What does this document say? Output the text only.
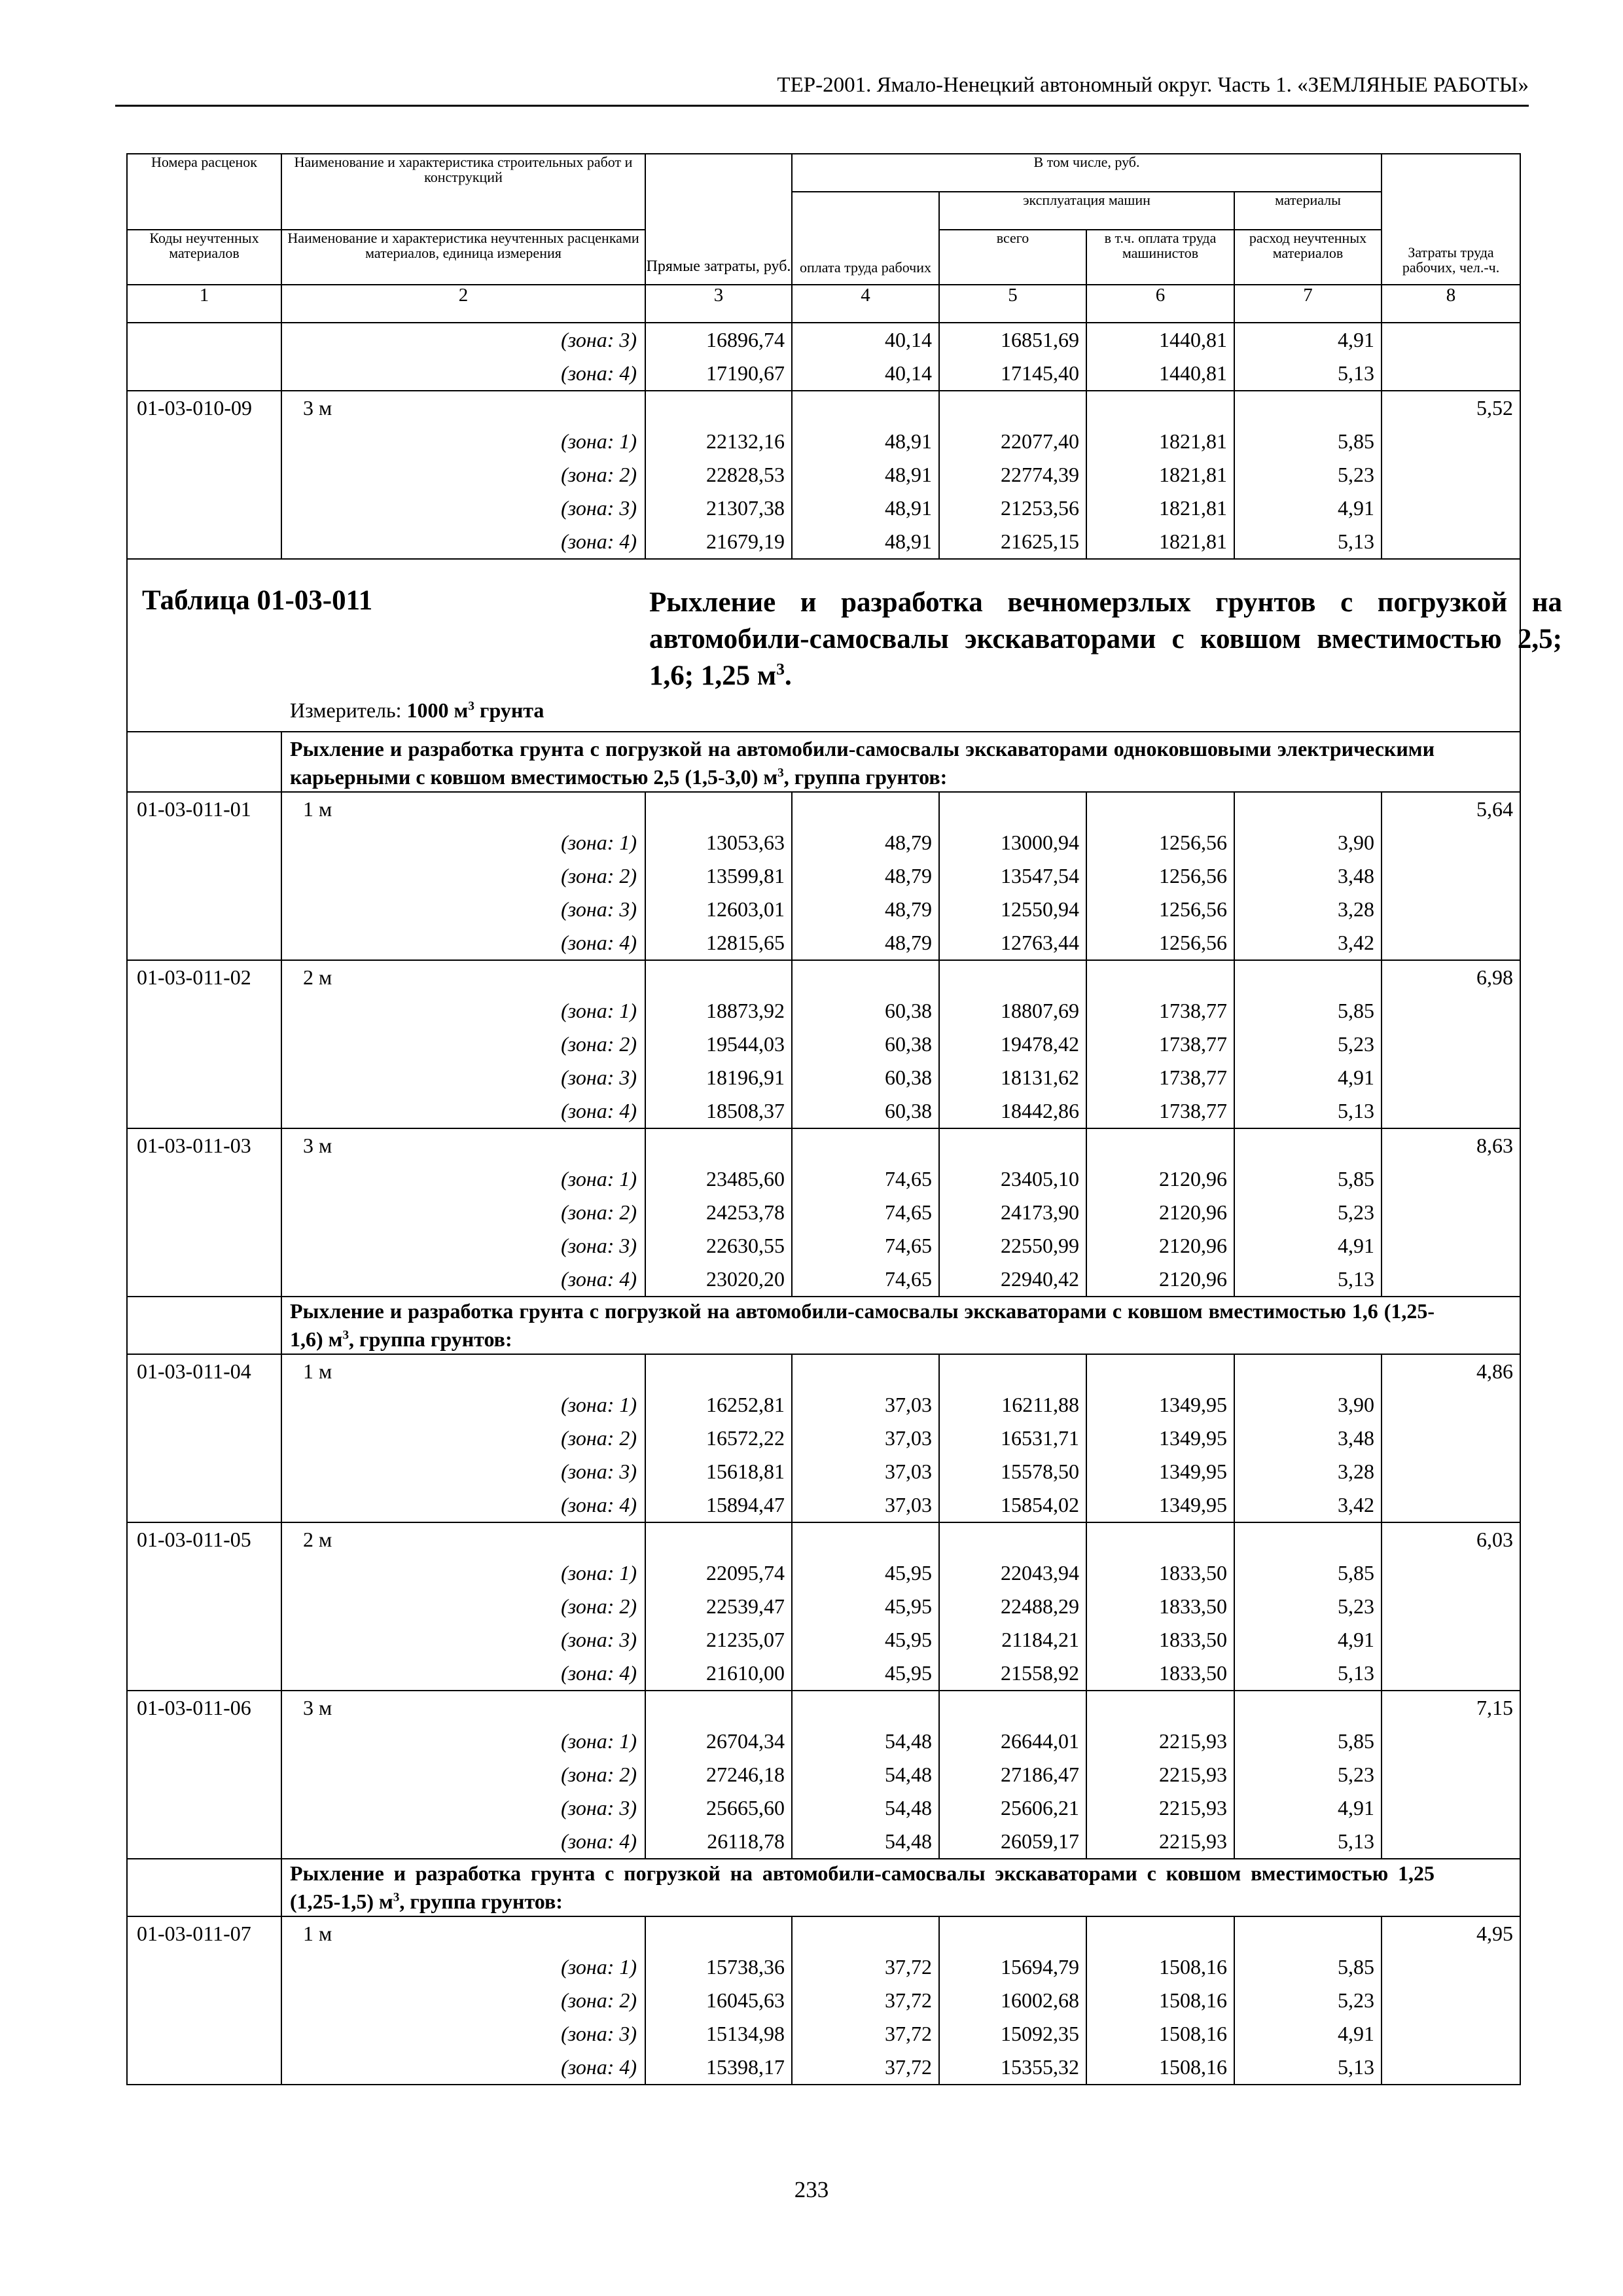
ТЕР-2001. Ямало-Ненецкий автономный округ. Часть 1. «ЗЕМЛЯНЫЕ РАБОТЫ»
Номера расценок	Наименование и характеристика строительных работ и конструкций	Прямые затраты, руб.	В том числе, руб.				Затраты труда рабочих, чел.-ч.
			оплата труда рабочих	эксплуатация машин		материалы	
Коды неучтенных материалов	Наименование и характеристика неучтенных расценками материалов, единица измерения			всего	в т.ч. оплата труда машинистов	расход неучтенных материалов	
1	2	3	4	5	6	7	8
	(зона: 3)	16896,74	40,14	16851,69	1440,81	4,91	
	(зона: 4)	17190,67	40,14	17145,40	1440,81	5,13	
01-03-010-09	3 м						5,52
	(зона: 1)	22132,16	48,91	22077,40	1821,81	5,85	
	(зона: 2)	22828,53	48,91	22774,39	1821,81	5,23	
	(зона: 3)	21307,38	48,91	21253,56	1821,81	4,91	
	(зона: 4)	21679,19	48,91	21625,15	1821,81	5,13	

Таблица 01-03-011 Рыхление и разработка вечномерзлых грунтов с погрузкой на автомобили-самосвалы экскаваторами с ковшом вместимостью 2,5; 1,6; 1,25 $м^3$.
Измеритель: 1000 $м^3$ грунта							

	Рыхление и разработка грунта с погрузкой на автомобили-самосвалы экскаваторами одноковшовыми электрическими карьерными с ковшом вместимостью 2,5 (1,5-3,0) $м^3$, группа грунтов:						

01-03-011-01	1 м						5,64
	(зона: 1)	13053,63	48,79	13000,94	1256,56	3,90	
	(зона: 2)	13599,81	48,79	13547,54	1256,56	3,48	
	(зона: 3)	12603,01	48,79	12550,94	1256,56	3,28	
	(зона: 4)	12815,65	48,79	12763,44	1256,56	3,42	
01-03-011-02	2 м						6,98
	(зона: 1)	18873,92	60,38	18807,69	1738,77	5,85	
	(зона: 2)	19544,03	60,38	19478,42	1738,77	5,23	
	(зона: 3)	18196,91	60,38	18131,62	1738,77	4,91	
	(зона: 4)	18508,37	60,38	18442,86	1738,77	5,13	
01-03-011-03	3 м						8,63
	(зона: 1)	23485,60	74,65	23405,10	2120,96	5,85	
	(зона: 2)	24253,78	74,65	24173,90	2120,96	5,23	
	(зона: 3)	22630,55	74,65	22550,99	2120,96	4,91	
	(зона: 4)	23020,20	74,65	22940,42	2120,96	5,13	

	Рыхление и разработка грунта с погрузкой на автомобили-самосвалы экскаваторами с ковшом вместимостью 1,6 (1,25-1,6) $м^3$, группа грунтов:						

01-03-011-04	1 м						4,86
	(зона: 1)	16252,81	37,03	16211,88	1349,95	3,90	
	(зона: 2)	16572,22	37,03	16531,71	1349,95	3,48	
	(зона: 3)	15618,81	37,03	15578,50	1349,95	3,28	
	(зона: 4)	15894,47	37,03	15854,02	1349,95	3,42	
01-03-011-05	2 м						6,03
	(зона: 1)	22095,74	45,95	22043,94	1833,50	5,85	
	(зона: 2)	22539,47	45,95	22488,29	1833,50	5,23	
	(зона: 3)	21235,07	45,95	21184,21	1833,50	4,91	
	(зона: 4)	21610,00	45,95	21558,92	1833,50	5,13	
01-03-011-06	3 м						7,15
	(зона: 1)	26704,34	54,48	26644,01	2215,93	5,85	
	(зона: 2)	27246,18	54,48	27186,47	2215,93	5,23	
	(зона: 3)	25665,60	54,48	25606,21	2215,93	4,91	
	(зона: 4)	26118,78	54,48	26059,17	2215,93	5,13	

	Рыхление и разработка грунта с погрузкой на автомобили-самосвалы экскаваторами с ковшом вместимостью 1,25 (1,25-1,5) $м^3$, группа грунтов:						

01-03-011-07	1 м						4,95
	(зона: 1)	15738,36	37,72	15694,79	1508,16	5,85	
	(зона: 2)	16045,63	37,72	16002,68	1508,16	5,23	
	(зона: 3)	15134,98	37,72	15092,35	1508,16	4,91	
	(зона: 4)	15398,17	37,72	15355,32	1508,16	5,13	
233
